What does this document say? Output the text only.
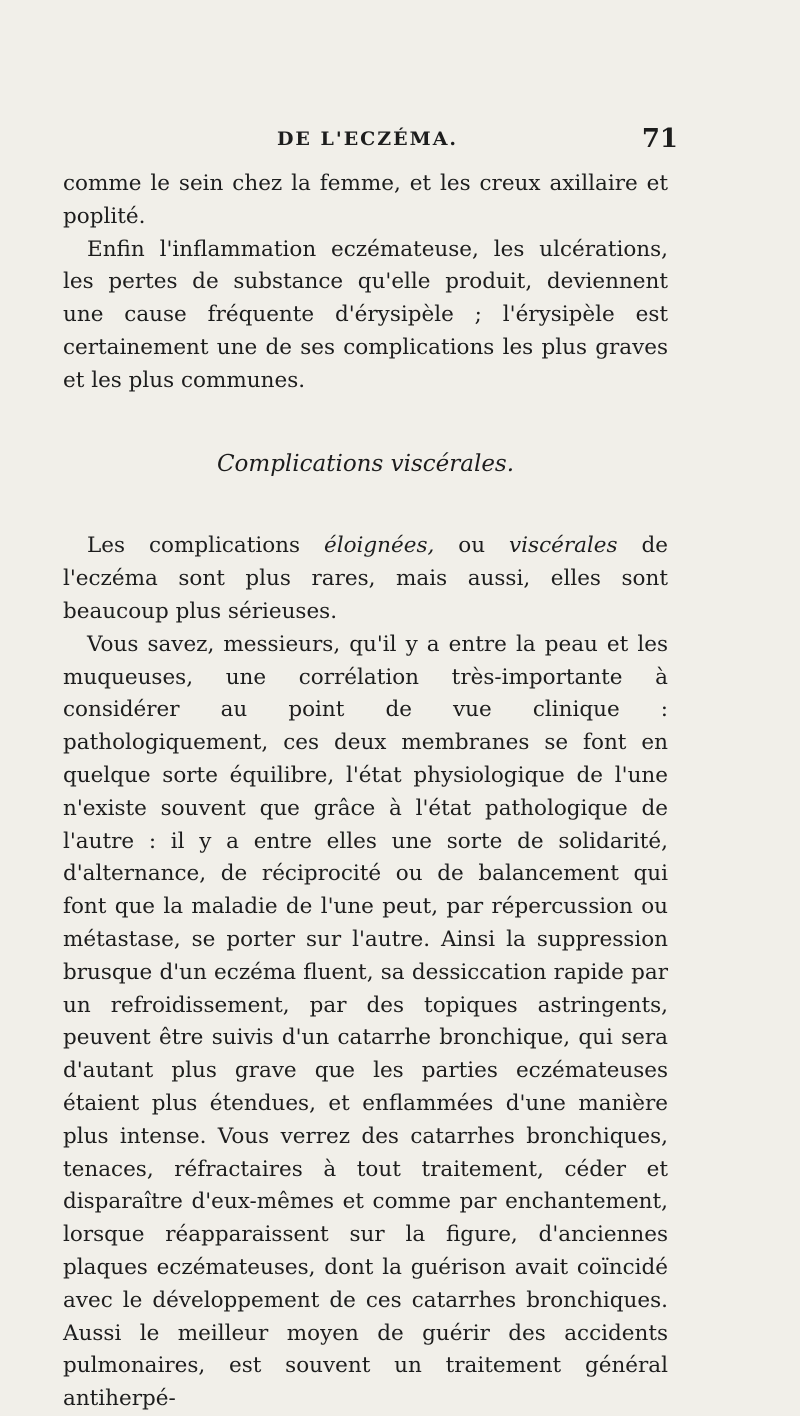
DE L'ECZÉMA.	71

comme le sein chez la femme, et les creux axillaire et poplité.

Enfin l'inflammation eczémateuse, les ulcérations, les pertes de substance qu'elle produit, deviennent une cause fréquente d'érysipèle ; l'érysipèle est certainement une de ses complications les plus graves et les plus communes.

Complications viscérales.

Les complications éloignées, ou viscérales de l'eczéma sont plus rares, mais aussi, elles sont beaucoup plus sérieuses.

Vous savez, messieurs, qu'il y a entre la peau et les muqueuses, une corrélation très-importante à considérer au point de vue clinique : pathologiquement, ces deux membranes se font en quelque sorte équilibre, l'état physiologique de l'une n'existe souvent que grâce à l'état pathologique de l'autre : il y a entre elles une sorte de solidarité, d'alternance, de réciprocité ou de balancement qui font que la maladie de l'une peut, par répercussion ou métastase, se porter sur l'autre. Ainsi la suppression brusque d'un eczéma fluent, sa dessiccation rapide par un refroidissement, par des topiques astringents, peuvent être suivis d'un catarrhe bronchique, qui sera d'autant plus grave que les parties eczémateuses étaient plus étendues, et enflammées d'une manière plus intense. Vous verrez des catarrhes bronchiques, tenaces, réfractaires à tout traitement, céder et disparaître d'eux-mêmes et comme par enchantement, lorsque réapparaissent sur la figure, d'anciennes plaques eczémateuses, dont la guérison avait coïncidé avec le développement de ces catarrhes bronchiques. Aussi le meilleur moyen de guérir des accidents pulmonaires, est souvent un traitement général antiherpé-
